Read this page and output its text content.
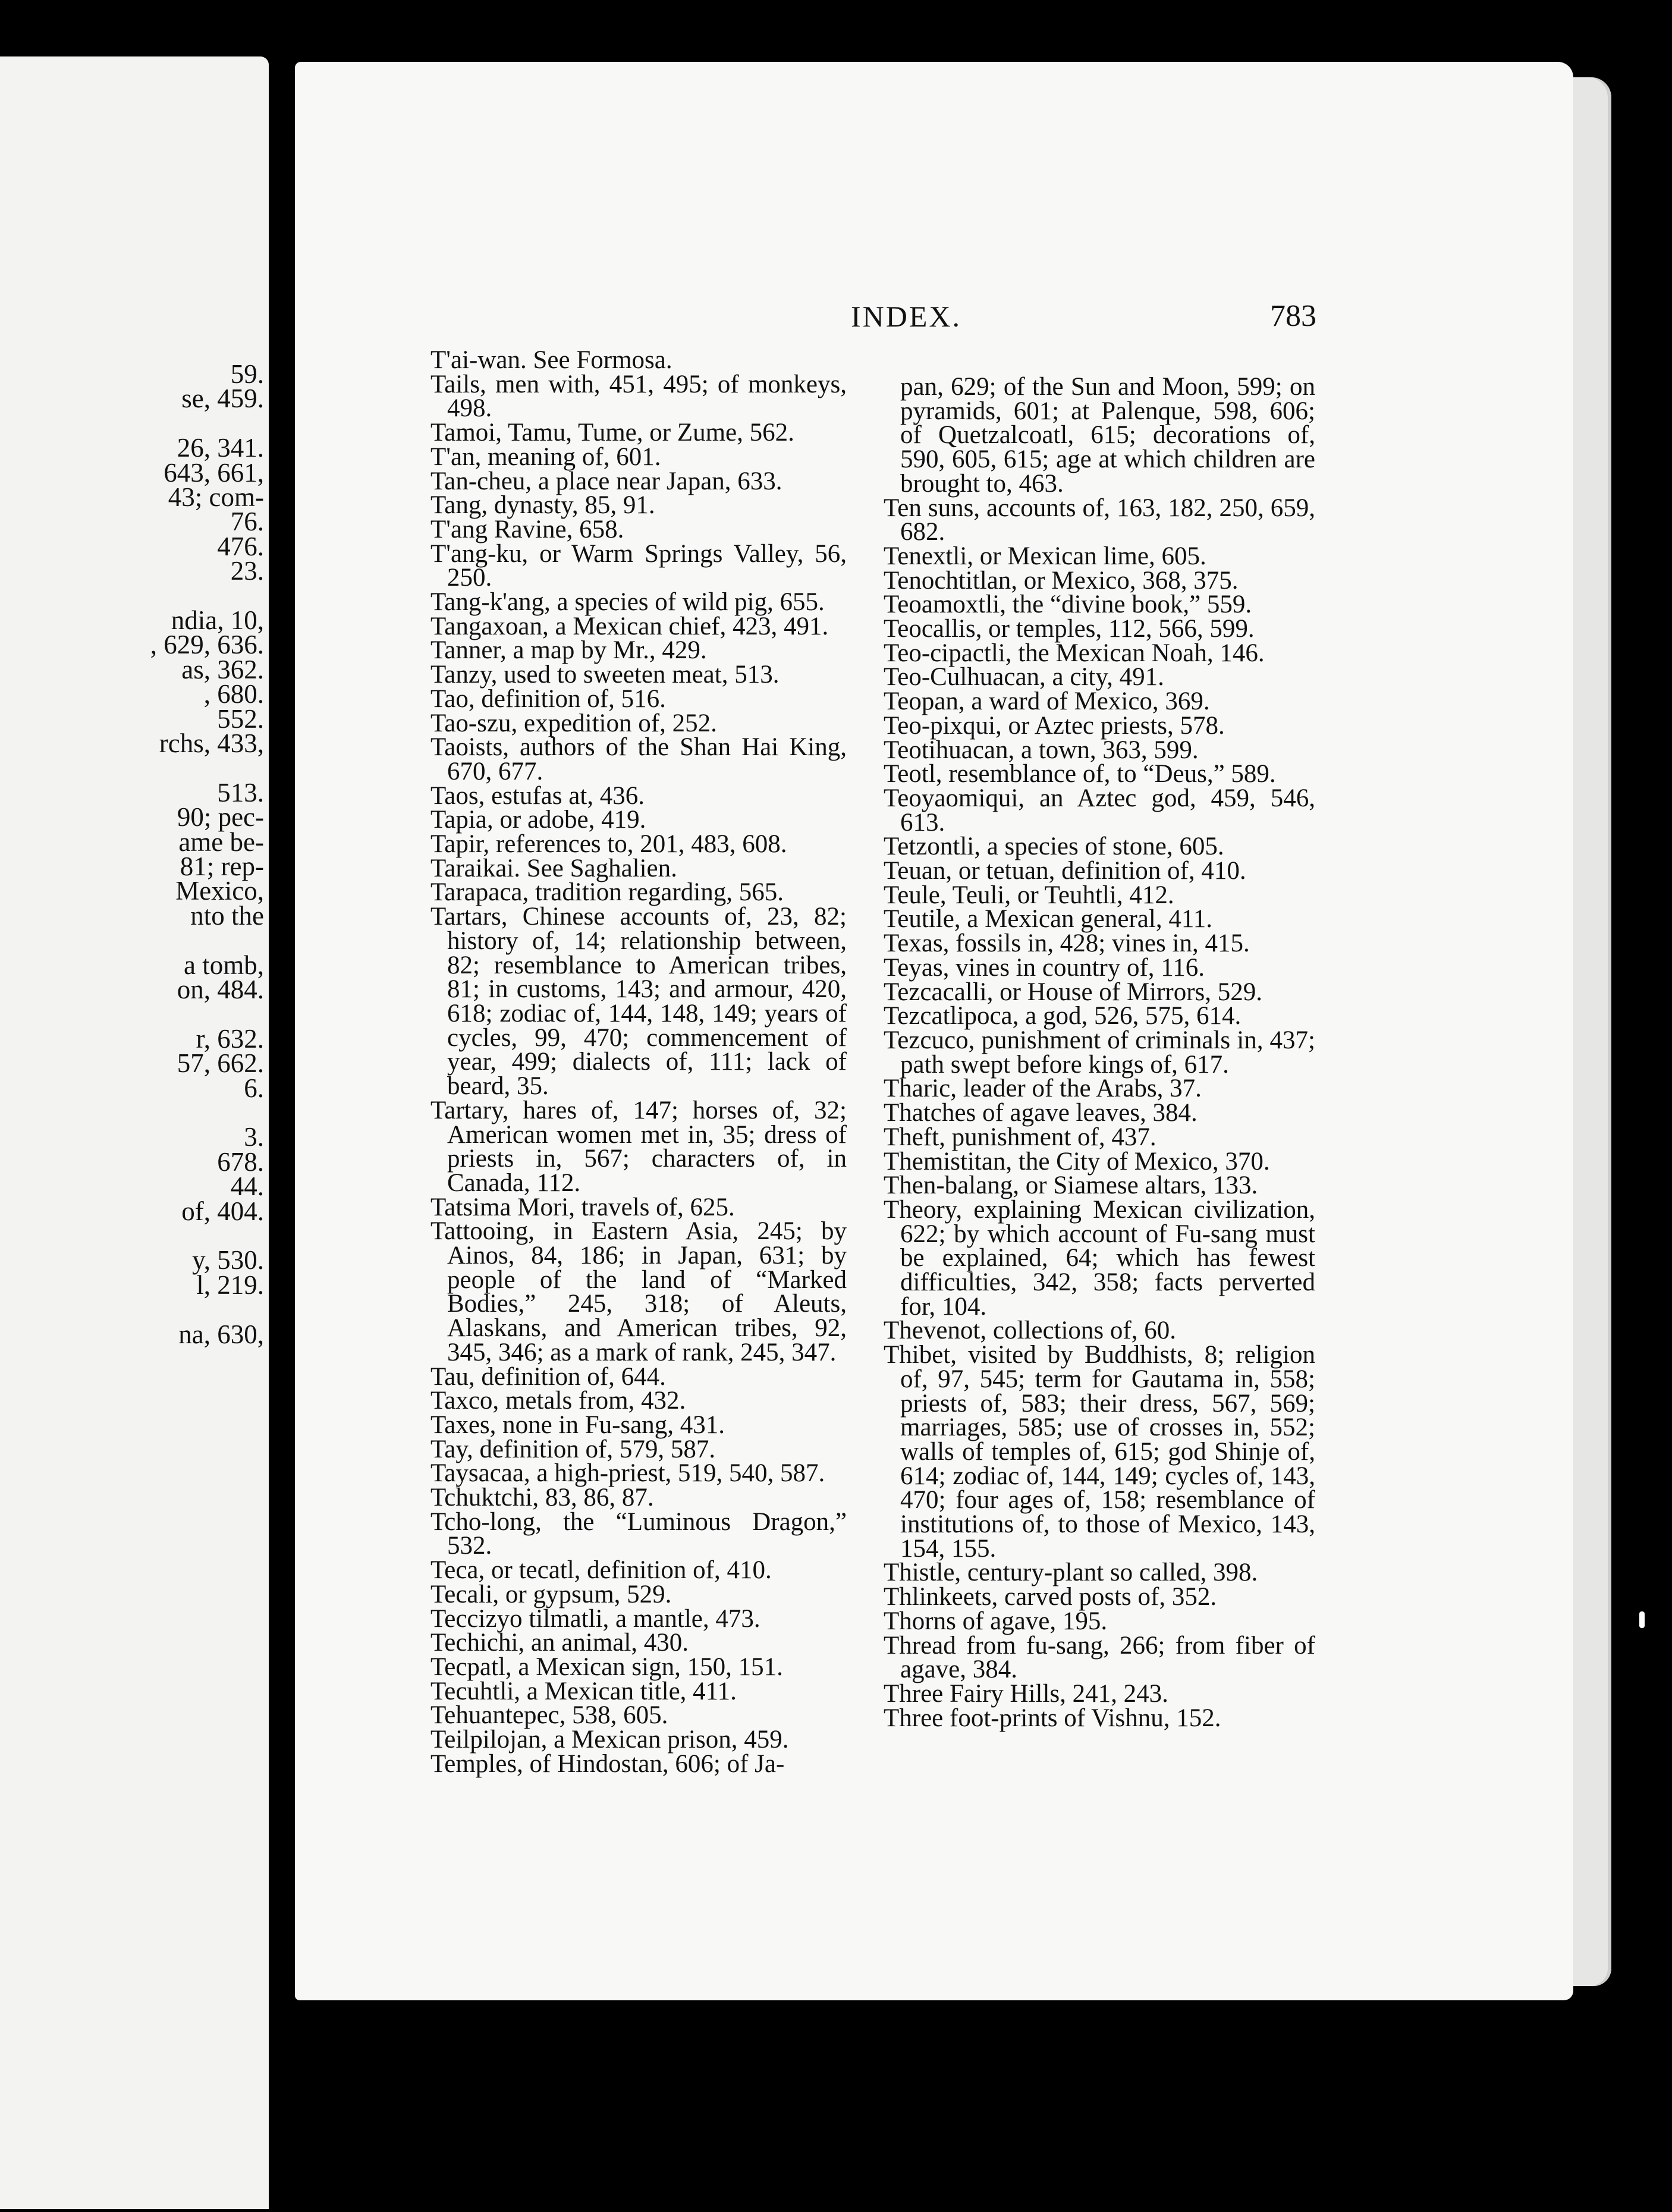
59.
se, 459.
26, 341.
643, 661,
43; com-
76.
476.
23.
ndia, 10,
, 629, 636.
as, 362.
, 680.
552.
rchs, 433,
513.
90; pec-
ame be-
81; rep-
Mexico,
nto the
a tomb,
on, 484.
r, 632.
57, 662.
6.
3.
678.
44.
of, 404.
y, 530.
l, 219.
na, 630,
INDEX.	783

T'ai-wan. See Formosa.

Tails, men with, 451, 495; of monkeys, 498.

Tamoi, Tamu, Tume, or Zume, 562.

T'an, meaning of, 601.

Tan-cheu, a place near Japan, 633.

Tang, dynasty, 85, 91.

T'ang Ravine, 658.

T'ang-ku, or Warm Springs Valley, 56, 250.

Tang-k'ang, a species of wild pig, 655.

Tangaxoan, a Mexican chief, 423, 491.

Tanner, a map by Mr., 429.

Tanzy, used to sweeten meat, 513.

Tao, definition of, 516.

Tao-szu, expedition of, 252.

Taoists, authors of the Shan Hai King, 670, 677.

Taos, estufas at, 436.

Tapia, or adobe, 419.

Tapir, references to, 201, 483, 608.

Taraikai. See Saghalien.

Tarapaca, tradition regarding, 565.

Tartars, Chinese accounts of, 23, 82; history of, 14; relationship between, 82; resemblance to American tribes, 81; in customs, 143; and armour, 420, 618; zodiac of, 144, 148, 149; years of cycles, 99, 470; commencement of year, 499; dialects of, 111; lack of beard, 35.

Tartary, hares of, 147; horses of, 32; American women met in, 35; dress of priests in, 567; characters of, in Canada, 112.

Tatsima Mori, travels of, 625.

Tattooing, in Eastern Asia, 245; by Ainos, 84, 186; in Japan, 631; by people of the land of “Marked Bodies,” 245, 318; of Aleuts, Alaskans, and American tribes, 92, 345, 346; as a mark of rank, 245, 347.

Tau, definition of, 644.

Taxco, metals from, 432.

Taxes, none in Fu-sang, 431.

Tay, definition of, 579, 587.

Taysacaa, a high-priest, 519, 540, 587.

Tchuktchi, 83, 86, 87.

Tcho-long, the “Luminous Dragon,” 532.

Teca, or tecatl, definition of, 410.

Tecali, or gypsum, 529.

Teccizyo tilmatli, a mantle, 473.

Techichi, an animal, 430.

Tecpatl, a Mexican sign, 150, 151.

Tecuhtli, a Mexican title, 411.

Tehuantepec, 538, 605.

Teilpilojan, a Mexican prison, 459.

Temples, of Hindostan, 606; of Ja-

pan, 629; of the Sun and Moon, 599; on pyramids, 601; at Palenque, 598, 606; of Quetzalcoatl, 615; decorations of, 590, 605, 615; age at which children are brought to, 463.

Ten suns, accounts of, 163, 182, 250, 659, 682.

Tenextli, or Mexican lime, 605.

Tenochtitlan, or Mexico, 368, 375.

Teoamoxtli, the “divine book,” 559.

Teocallis, or temples, 112, 566, 599.

Teo-cipactli, the Mexican Noah, 146.

Teo-Culhuacan, a city, 491.

Teopan, a ward of Mexico, 369.

Teo-pixqui, or Aztec priests, 578.

Teotihuacan, a town, 363, 599.

Teotl, resemblance of, to “Deus,” 589.

Teoyaomiqui, an Aztec god, 459, 546, 613.

Tetzontli, a species of stone, 605.

Teuan, or tetuan, definition of, 410.

Teule, Teuli, or Teuhtli, 412.

Teutile, a Mexican general, 411.

Texas, fossils in, 428; vines in, 415.

Teyas, vines in country of, 116.

Tezcacalli, or House of Mirrors, 529.

Tezcatlipoca, a god, 526, 575, 614.

Tezcuco, punishment of criminals in, 437; path swept before kings of, 617.

Tharic, leader of the Arabs, 37.

Thatches of agave leaves, 384.

Theft, punishment of, 437.

Themistitan, the City of Mexico, 370.

Then-balang, or Siamese altars, 133.

Theory, explaining Mexican civilization, 622; by which account of Fu-sang must be explained, 64; which has fewest difficulties, 342, 358; facts perverted for, 104.

Thevenot, collections of, 60.

Thibet, visited by Buddhists, 8; religion of, 97, 545; term for Gautama in, 558; priests of, 583; their dress, 567, 569; marriages, 585; use of crosses in, 552; walls of temples of, 615; god Shinje of, 614; zodiac of, 144, 149; cycles of, 143, 470; four ages of, 158; resemblance of institutions of, to those of Mexico, 143, 154, 155.

Thistle, century-plant so called, 398.

Thlinkeets, carved posts of, 352.

Thorns of agave, 195.

Thread from fu-sang, 266; from fiber of agave, 384.

Three Fairy Hills, 241, 243.

Three foot-prints of Vishnu, 152.
